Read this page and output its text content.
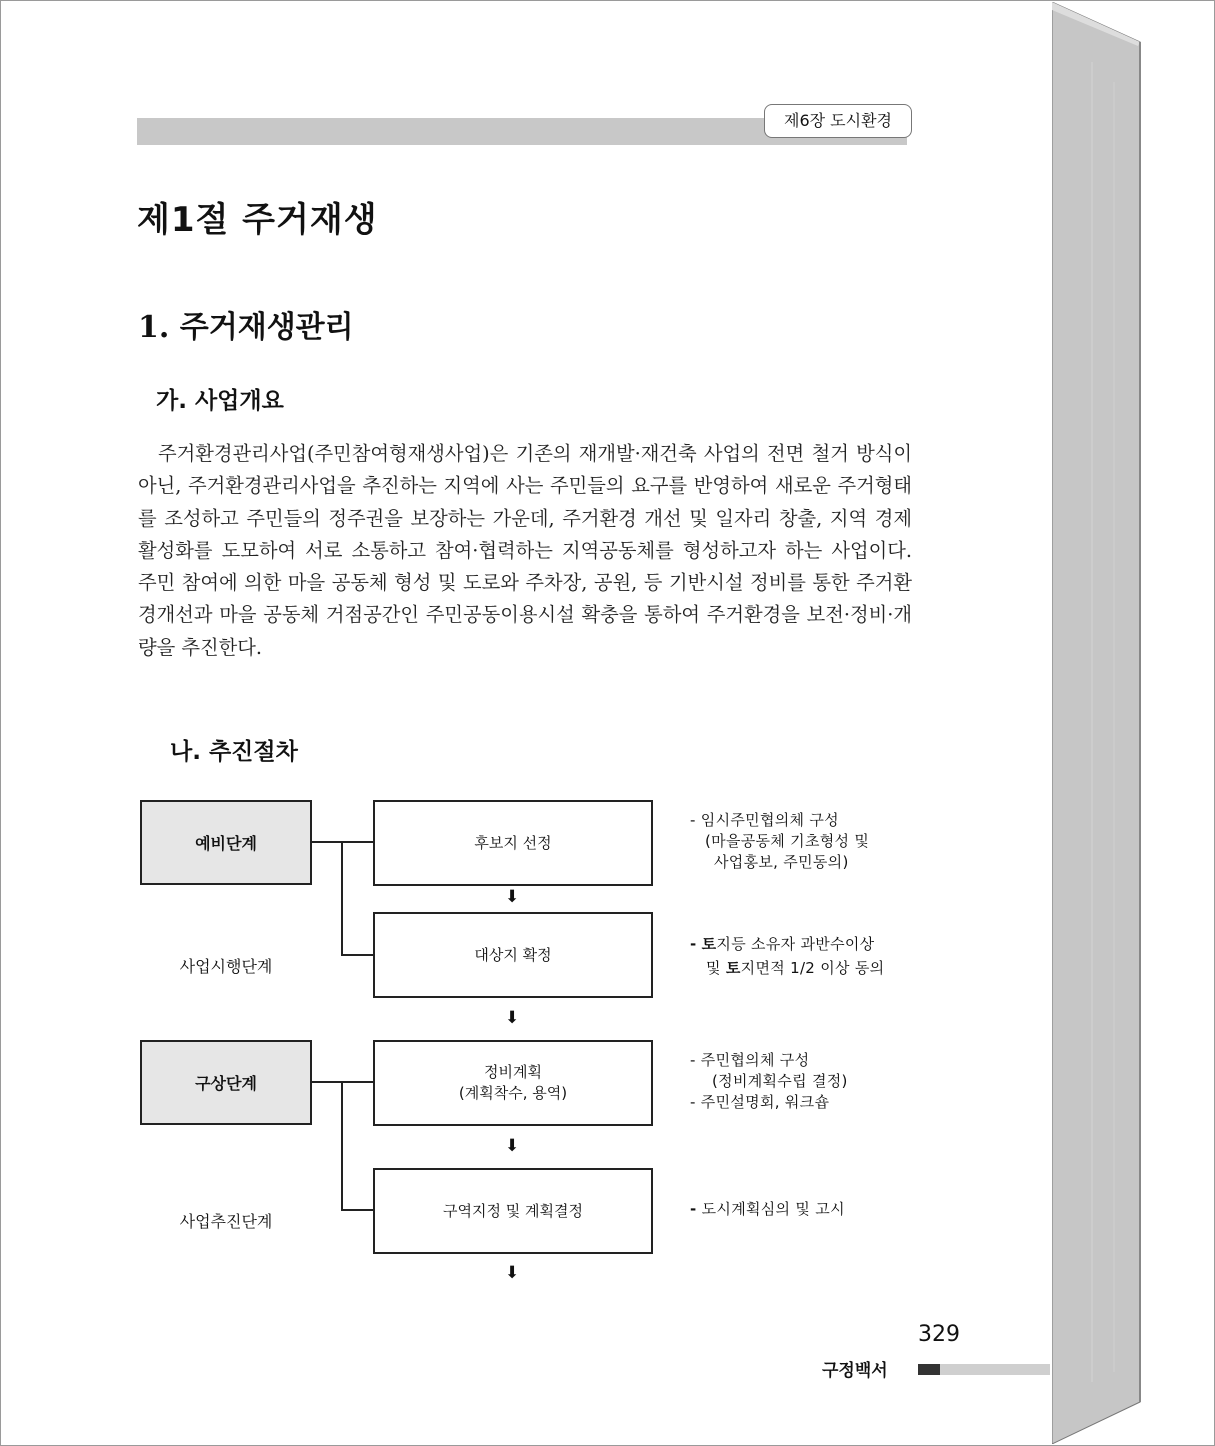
제6장 도시환경
제1절 주거재생
1. 주거재생관리
가. 사업개요

주거환경관리사업(주민참여형재생사업)은 기존의 재개발·재건축 사업의 전면 철거 방식이 아닌, 주거환경관리사업을 추진하는 지역에 사는 주민들의 요구를 반영하여 새로운 주거형태를 조성하고 주민들의 정주권을 보장하는 가운데, 주거환경 개선 및 일자리 창출, 지역 경제 활성화를 도모하여 서로 소통하고 참여·협력하는 지역공동체를 형성하고자 하는 사업이다. 주민 참여에 의한 마을 공동체 형성 및 도로와 주차장, 공원, 등 기반시설 정비를 통한 주거환경개선과 마을 공동체 거점공간인 주민공동이용시설 확충을 통하여 주거환경을 보전·정비·개량을 추진한다.

나. 추진절차
예비단계
구상단계
사업시행단계
사업추진단계
후보지 선정
대상지 확정
정비계획
(계획착수, 용역)
구역지정 및 계획결정
⬇
⬇
⬇
⬇
- 임시주민협의체 구성
(마을공동체 기초형성 및
사업홍보, 주민동의)
- 토지등 소유자 과반수이상
및 토지면적 1/2 이상 동의
- 주민협의체 구성
(정비계획수립 결정)
- 주민설명회, 워크숍
- 도시계획심의 및 고시
329
구정백서
